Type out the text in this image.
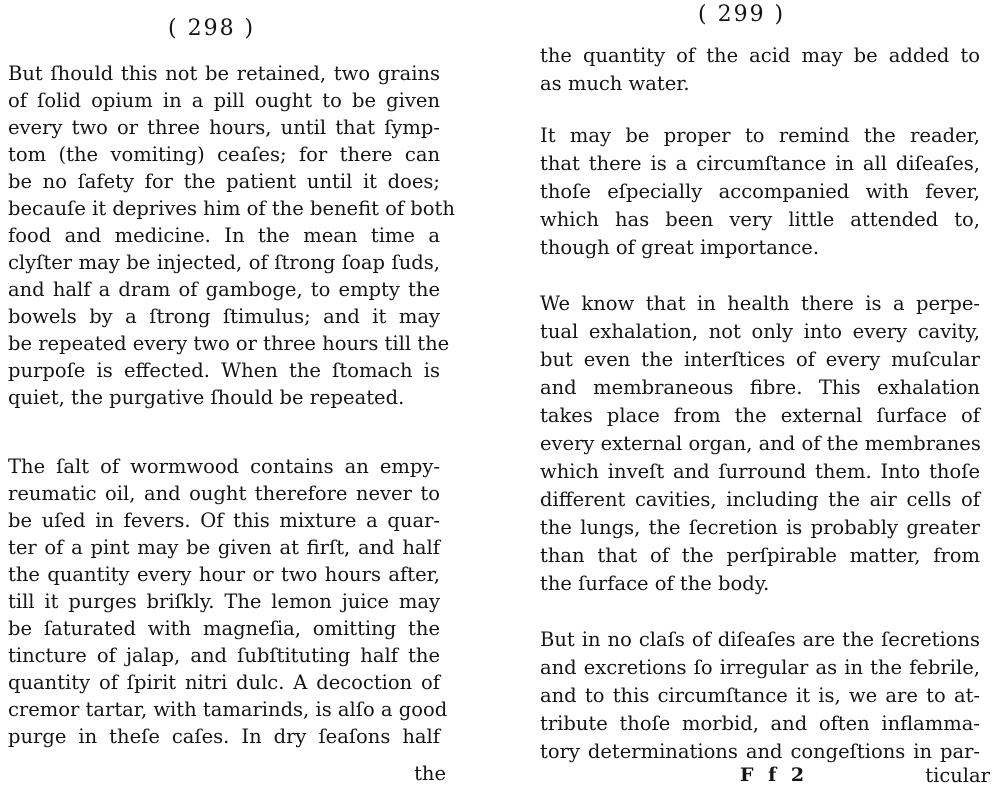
( 298 )
But ſhould this not be retained, two grains
of ſolid opium in a pill ought to be given
every two or three hours, until that ſymp-
tom (the vomiting) ceaſes; for there can
be no ſafety for the patient until it does;
becauſe it deprives him of the benefit of both
food and medicine. In the mean time a
clyſter may be injected, of ſtrong ſoap ſuds,
and half a dram of gamboge, to empty the
bowels by a ſtrong ſtimulus; and it may
be repeated every two or three hours till the
purpoſe is effected. When the ſtomach is
quiet, the purgative ſhould be repeated.
The ſalt of wormwood contains an empy-
reumatic oil, and ought therefore never to
be uſed in fevers. Of this mixture a quar-
ter of a pint may be given at firſt, and half
the quantity every hour or two hours after,
till it purges briſkly. The lemon juice may
be ſaturated with magneſia, omitting the
tincture of jalap, and ſubſtituting half the
quantity of ſpirit nitri dulc. A decoction of
cremor tartar, with tamarinds, is alſo a good
purge in theſe caſes. In dry ſeaſons half
the
( 299 )
the quantity of the acid may be added to
as much water.
It may be proper to remind the reader,
that there is a circumſtance in all diſeaſes,
thoſe eſpecially accompanied with fever,
which has been very little attended to,
though of great importance.
We know that in health there is a perpe-
tual exhalation, not only into every cavity,
but even the interſtices of every muſcular
and membraneous fibre. This exhalation
takes place from the external ſurface of
every external organ, and of the membranes
which inveſt and ſurround them. Into thoſe
different cavities, including the air cells of
the lungs, the ſecretion is probably greater
than that of the perſpirable matter, from
the ſurface of the body.
But in no claſs of diſeaſes are the ſecretions
and excretions ſo irregular as in the febrile,
and to this circumſtance it is, we are to at-
tribute thoſe morbid, and often inflamma-
tory determinations and congeſtions in par-
F f 2	ticular
